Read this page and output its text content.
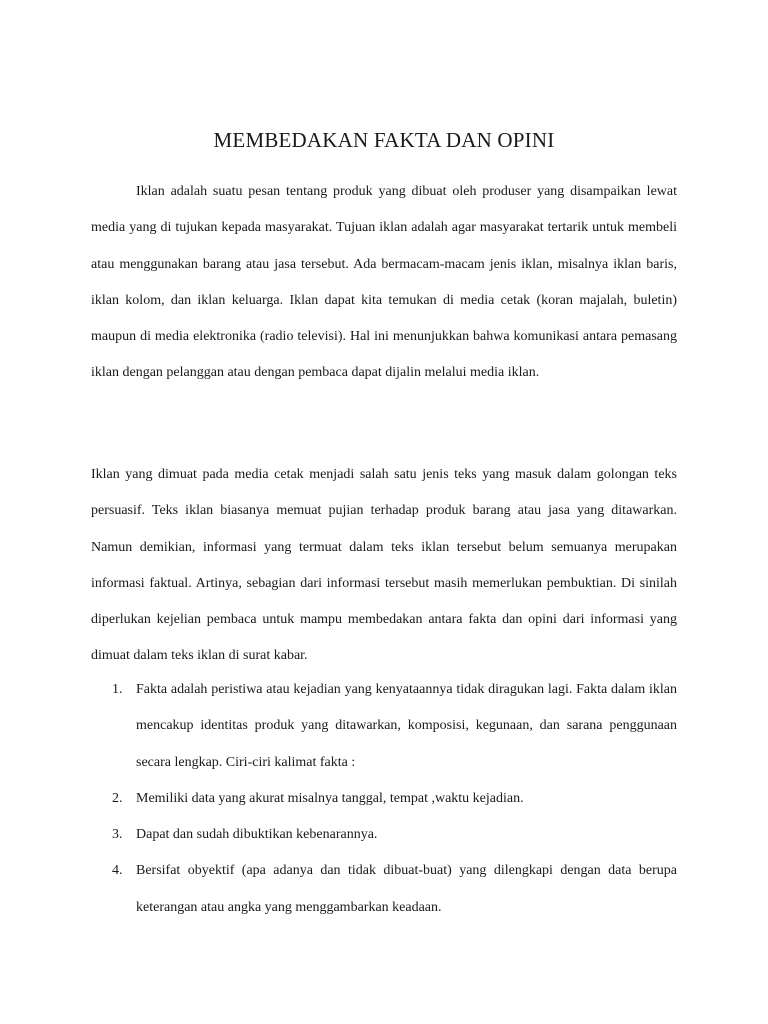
MEMBEDAKAN FAKTA DAN OPINI

Iklan adalah suatu pesan tentang produk yang dibuat oleh produser yang disampaikan lewat media yang di tujukan kepada masyarakat. Tujuan iklan adalah agar masyarakat tertarik untuk membeli atau menggunakan barang atau jasa tersebut. Ada bermacam-macam jenis iklan, misalnya iklan baris, iklan kolom, dan iklan keluarga. Iklan dapat kita temukan di media cetak (koran majalah, buletin) maupun di media elektronika (radio televisi). Hal ini menunjukkan bahwa komunikasi antara pemasang iklan dengan pelanggan atau dengan pembaca dapat dijalin melalui media iklan.

Iklan yang dimuat pada media cetak menjadi salah satu jenis teks yang masuk dalam golongan teks persuasif. Teks iklan biasanya memuat pujian terhadap produk barang atau jasa yang ditawarkan. Namun demikian, informasi yang termuat dalam teks iklan tersebut belum semuanya merupakan informasi faktual. Artinya, sebagian dari informasi tersebut masih memerlukan pembuktian. Di sinilah diperlukan kejelian pembaca untuk mampu membedakan antara fakta dan opini dari informasi yang dimuat dalam teks iklan di surat kabar.

1. Fakta adalah peristiwa atau kejadian yang kenyataannya tidak diragukan lagi. Fakta dalam iklan mencakup identitas produk yang ditawarkan, komposisi, kegunaan, dan sarana penggunaan secara lengkap. Ciri-ciri kalimat fakta :
2. Memiliki data yang akurat misalnya tanggal, tempat ,waktu kejadian.
3. Dapat dan sudah dibuktikan kebenarannya.
4. Bersifat obyektif (apa adanya dan tidak dibuat-buat) yang dilengkapi dengan data berupa keterangan atau angka yang menggambarkan keadaan.
